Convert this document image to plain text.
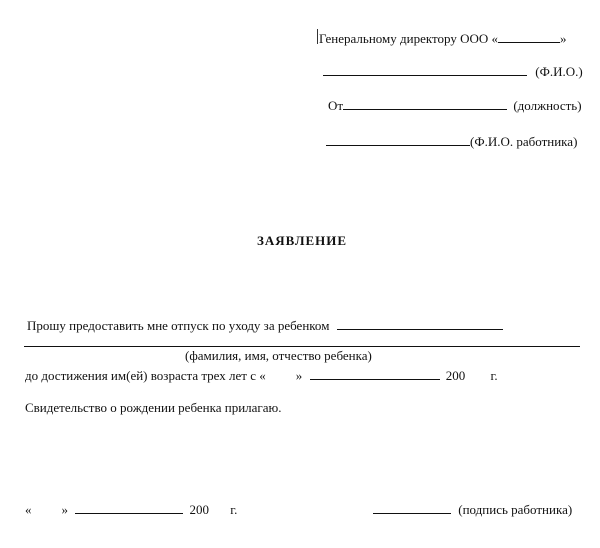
Генеральному директору ООО «	»
(Ф.И.О.)
От	(должность)
(Ф.И.О. работника)
ЗАЯВЛЕНИЕ
Прошу предоставить мне отпуск по уходу за ребенком
(фамилия, имя, отчество ребенка)
до достижения им(ей) возраста трех лет с « »	200 г.
Свидетельство о рождении ребенка прилагаю.
« »	200 г.	(подпись работника)
